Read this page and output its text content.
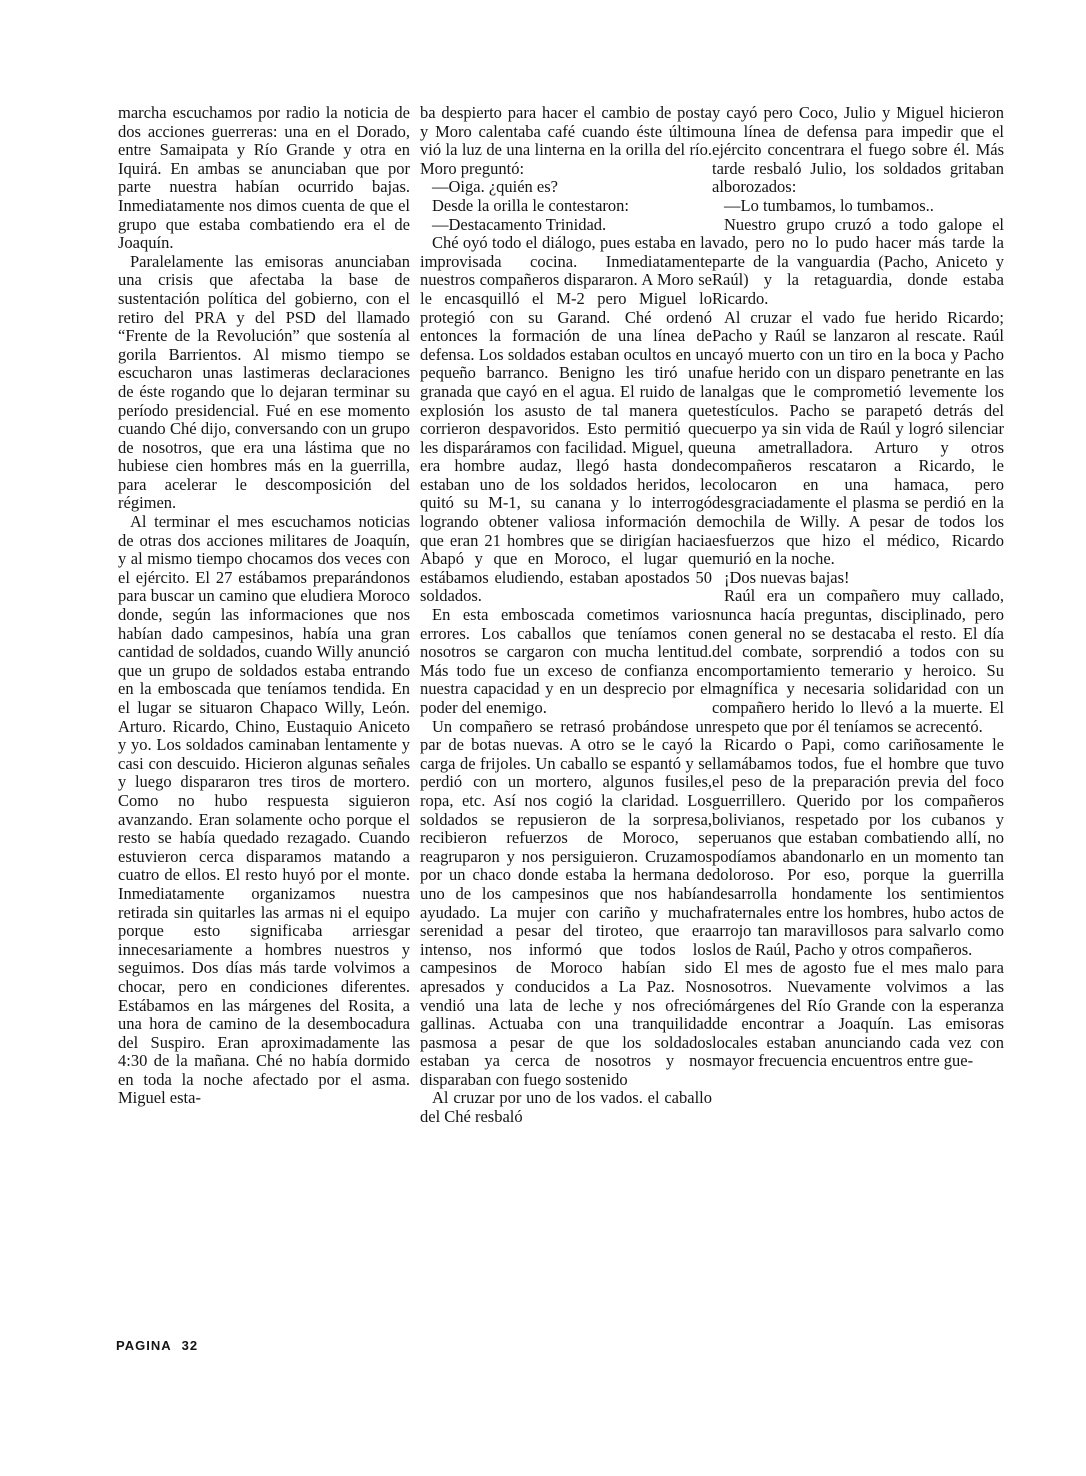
marcha escuchamos por radio la noticia de dos acciones guerreras: una en el Dorado, entre Samaipata y Río Grande y otra en Iquirá. En ambas se anunciaban que por parte nuestra habían ocurrido bajas. Inmediatamente nos dimos cuenta de que el grupo que estaba combatiendo era el de Joaquín.

Paralelamente las emisoras anunciaban una crisis que afectaba la base de sustentación política del gobierno, con el retiro del PRA y del PSD del llamado “Frente de la Revolución” que sostenía al gorila Barrientos. Al mismo tiempo se escucharon unas lastimeras declaraciones de éste rogando que lo dejaran terminar su período presidencial. Fué en ese momento cuando Ché dijo, conversando con un grupo de nosotros, que era una lástima que no hubiese cien hombres más en la guerrilla, para acelerar le descomposición del régimen.

Al terminar el mes escuchamos noticias de otras dos acciones militares de Joaquín, y al mismo tiempo chocamos dos veces con el ejército. El 27 estábamos preparándonos para buscar un camino que eludiera Moroco donde, según las informaciones que nos habían dado campesinos, había una gran cantidad de soldados, cuando Willy anunció que un grupo de soldados estaba entrando en la emboscada que teníamos tendida. En el lugar se situaron Chapaco Willy, León. Arturo. Ricardo, Chino, Eustaquio Aniceto y yo. Los soldados caminaban lentamente y casi con descuido. Hicieron algunas señales y luego dispararon tres tiros de mortero. Como no hubo respuesta siguieron avanzando. Eran solamente ocho porque el resto se había quedado rezagado. Cuando estuvieron cerca disparamos matando a cuatro de ellos. El resto huyó por el monte. Inmediatamente organizamos nuestra retirada sin quitarles las armas ni el equipo porque esto significaba arriesgar innecesariamente a hombres nuestros y seguimos. Dos días más tarde volvimos a chocar, pero en condiciones diferentes. Estábamos en las márgenes del Rosita, a una hora de camino de la desembocadura del Suspiro. Eran aproximadamente las 4:30 de la mañana. Ché no había dormido en toda la noche afectado por el asma. Miguel esta-

ba despierto para hacer el cambio de posta y Moro calentaba café cuando éste último vió la luz de una linterna en la orilla del río. Moro preguntó:

—Oiga. ¿quién es?

Desde la orilla le contestaron:

—Destacamento Trinidad.

Ché oyó todo el diálogo, pues estaba en la improvisada cocina. Inmediatamente nuestros compañeros dispararon. A Moro se le encasquilló el M-2 pero Miguel lo protegió con su Garand. Ché ordenó entonces la formación de una línea de defensa. Los soldados estaban ocultos en un pequeño barranco. Benigno les tiró una granada que cayó en el agua. El ruido de la explosión los asusto de tal manera que corrieron despavoridos. Esto permitió que les disparáramos con facilidad. Miguel, que era hombre audaz, llegó hasta donde estaban uno de los soldados heridos, le quitó su M-1, su canana y lo interrogó logrando obtener valiosa información de que eran 21 hombres que se dirigían hacia Abapó y que en Moroco, el lugar que estábamos eludiendo, estaban apostados 50 soldados.

En esta emboscada cometimos varios errores. Los caballos que teníamos con nosotros se cargaron con mucha lentitud. Más todo fue un exceso de confianza en nuestra capacidad y en un desprecio por el poder del enemigo.

Un compañero se retrasó probándose un par de botas nuevas. A otro se le cayó la carga de frijoles. Un caballo se espantó y se perdió con un mortero, algunos fusiles, ropa, etc. Así nos cogió la claridad. Los soldados se repusieron de la sorpresa, recibieron refuerzos de Moroco, se reagruparon y nos persiguieron. Cruzamos por un chaco donde estaba la hermana de uno de los campesinos que nos habían ayudado. La mujer con cariño y mucha serenidad a pesar del tiroteo, que era intenso, nos informó que todos los campesinos de Moroco habían sido apresados y conducidos a La Paz. Nos vendió una lata de leche y nos ofreció gallinas. Actuaba con una tranquilidad pasmosa a pesar de que los soldados estaban ya cerca de nosotros y nos disparaban con fuego sostenido

Al cruzar por uno de los vados. el caballo del Ché resbaló

y cayó pero Coco, Julio y Miguel hicieron una línea de defensa para impedir que el ejército concentrara el fuego sobre él. Más tarde resbaló Julio, los soldados gritaban alborozados:

—Lo tumbamos, lo tumbamos..

Nuestro grupo cruzó a todo galope el vado, pero no lo pudo hacer más tarde la parte de la vanguardia (Pacho, Aniceto y Raúl) y la retaguardia, donde estaba Ricardo.

Al cruzar el vado fue herido Ricardo; Pacho y Raúl se lanzaron al rescate. Raúl cayó muerto con un tiro en la boca y Pacho fue herido con un disparo penetrante en las nalgas que le comprometió levemente los testículos. Pacho se parapetó detrás del cuerpo ya sin vida de Raúl y logró silenciar una ametralladora. Arturo y otros compañeros rescataron a Ricardo, le colocaron en una hamaca, pero desgraciadamente el plasma se perdió en la mochila de Willy. A pesar de todos los esfuerzos que hizo el médico, Ricardo murió en la noche.

¡Dos nuevas bajas!

Raúl era un compañero muy callado, nunca hacía preguntas, disciplinado, pero en general no se destacaba el resto. El día del combate, sorprendió a todos con su comportamiento temerario y heroico. Su magnífica y necesaria solidaridad con un compañero herido lo llevó a la muerte. El respeto que por él teníamos se acrecentó.

Ricardo o Papi, como cariñosamente le llamábamos todos, fue el hombre que tuvo el peso de la preparación previa del foco guerrillero. Querido por los compañeros bolivianos, respetado por los cubanos y peruanos que estaban combatiendo allí, no podíamos abandonarlo en un momento tan doloroso. Por eso, porque la guerrilla desarrolla hondamente los sentimientos fraternales entre los hombres, hubo actos de arrojo tan maravillosos para salvarlo como los de Raúl, Pacho y otros compañeros.

El mes de agosto fue el mes malo para nosotros. Nuevamente volvimos a las márgenes del Río Grande con la esperanza de encontrar a Joaquín. Las emisoras locales estaban anunciando cada vez con mayor frecuencia encuentros entre gue-

PAGINA 32
